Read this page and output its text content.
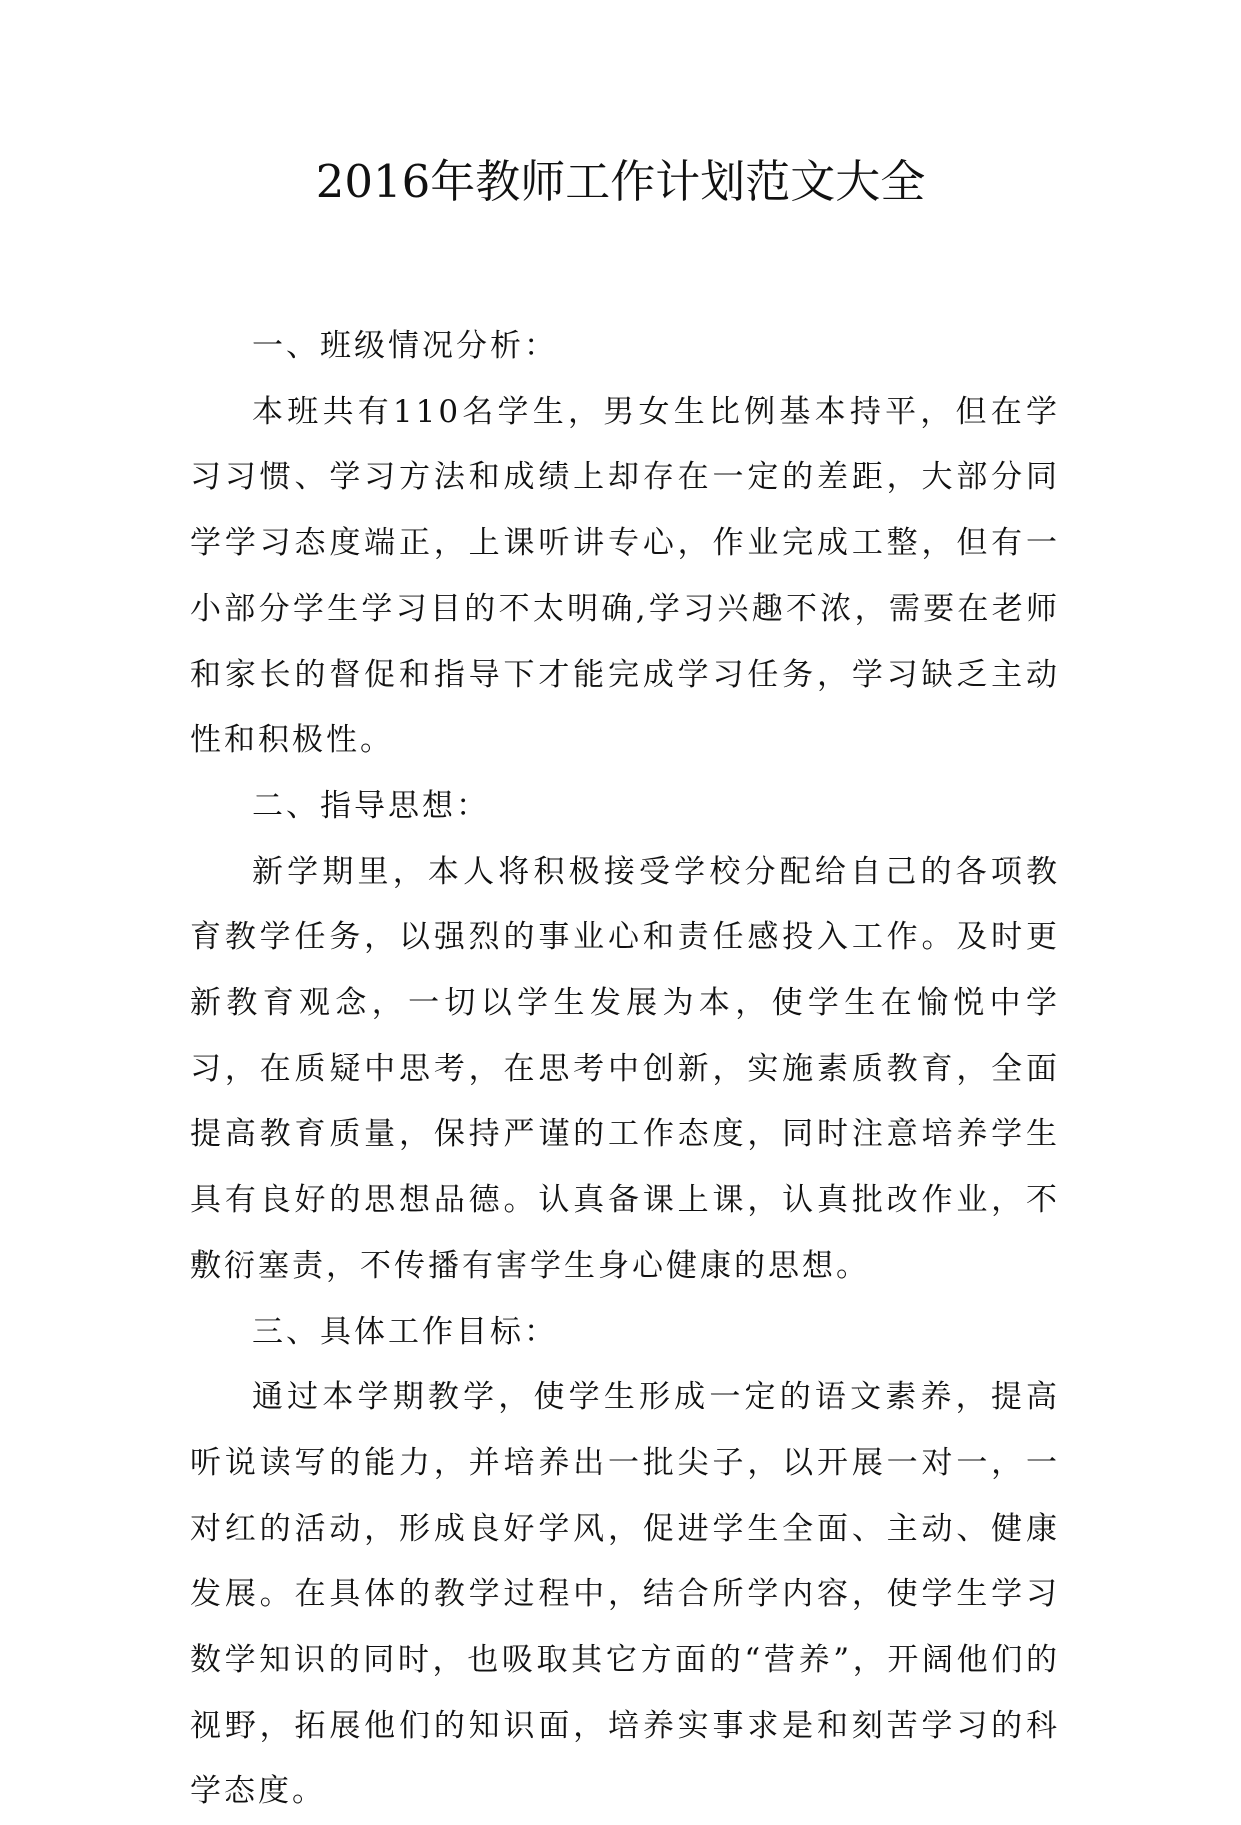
2016年教师工作计划范文大全

一、班级情况分析：

本班共有110名学生，男女生比例基本持平，但在学习习惯、学习方法和成绩上却存在一定的差距，大部分同学学习态度端正，上课听讲专心，作业完成工整，但有一小部分学生学习目的不太明确,学习兴趣不浓，需要在老师和家长的督促和指导下才能完成学习任务，学习缺乏主动性和积极性。

二、指导思想：

新学期里，本人将积极接受学校分配给自己的各项教育教学任务，以强烈的事业心和责任感投入工作。及时更新教育观念，一切以学生发展为本，使学生在愉悦中学习，在质疑中思考，在思考中创新，实施素质教育，全面提高教育质量，保持严谨的工作态度，同时注意培养学生具有良好的思想品德。认真备课上课，认真批改作业，不敷衍塞责，不传播有害学生身心健康的思想。

三、具体工作目标：

通过本学期教学，使学生形成一定的语文素养，提高听说读写的能力，并培养出一批尖子，以开展一对一，一对红的活动，形成良好学风，促进学生全面、主动、健康发展。在具体的教学过程中，结合所学内容，使学生学习数学知识的同时，也吸取其它方面的“营养”，开阔他们的视野，拓展他们的知识面，培养实事求是和刻苦学习的科学态度。
